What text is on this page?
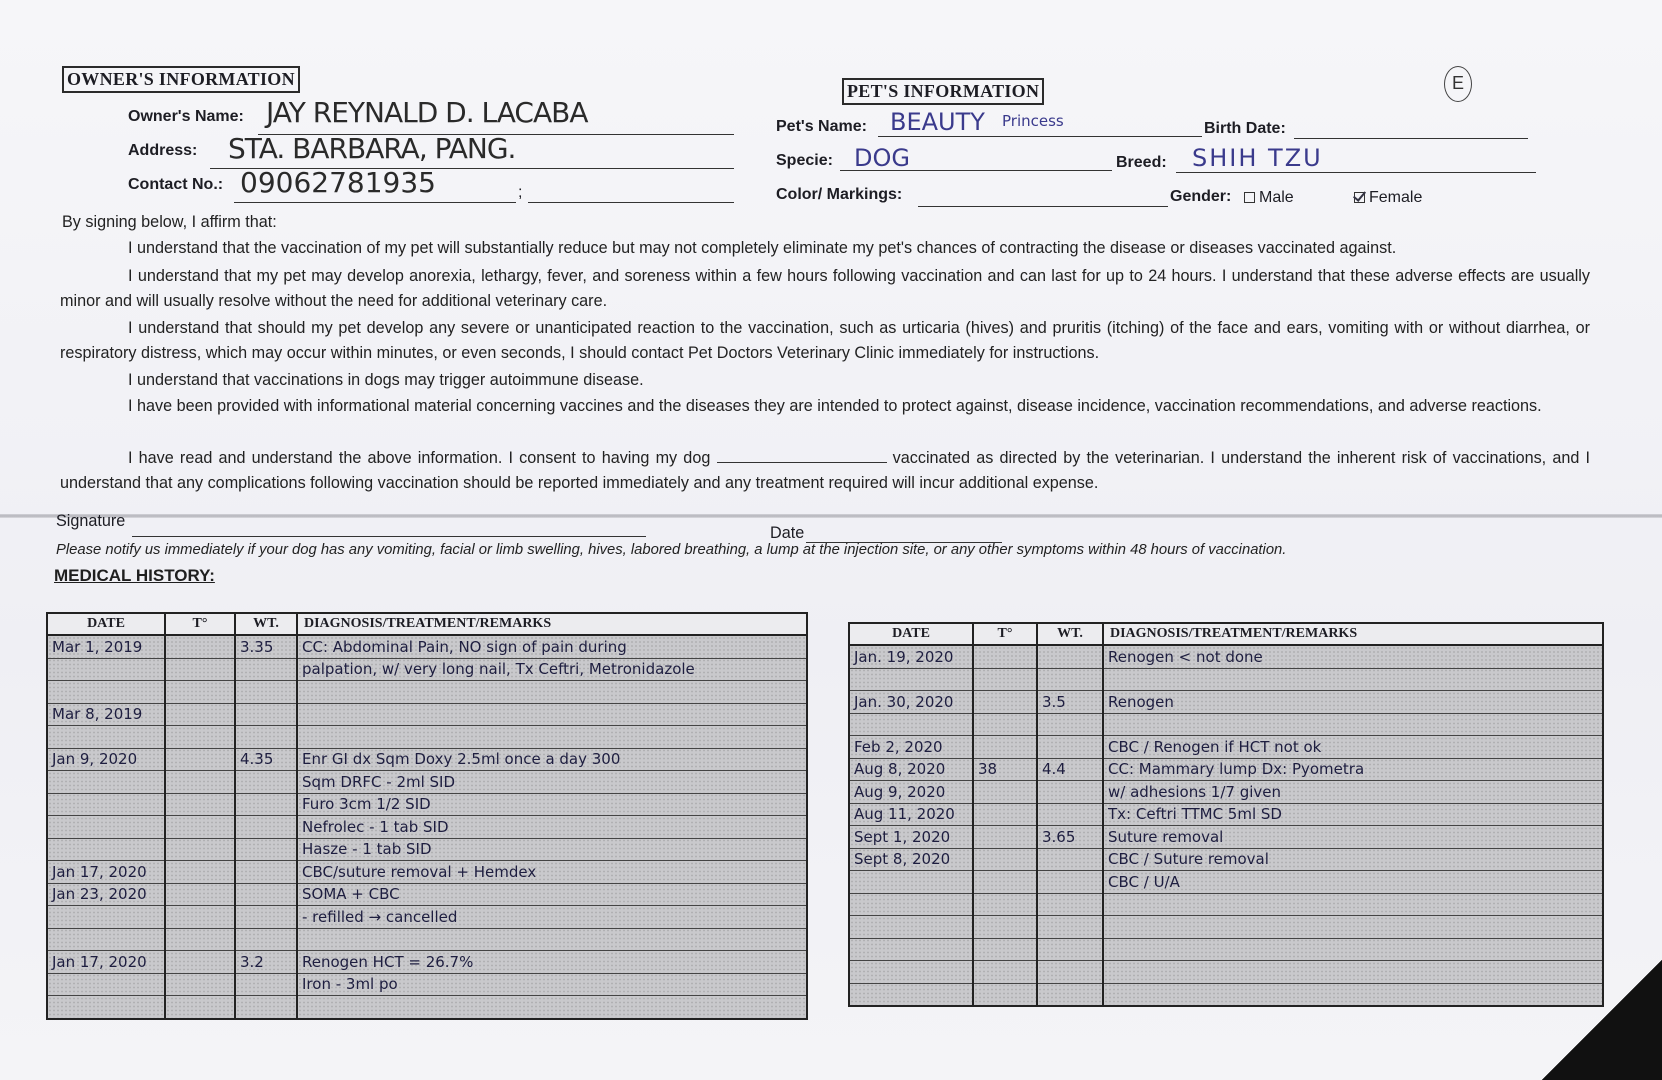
OWNER'S INFORMATION
Owner's Name: JAY REYNALD D. LACABA
Address: STA. BARBARA, PANG.
Contact No.: 09062781935	;
PET'S INFORMATION	E
Pet's Name: BEAUTY Princess	Birth Date:
Specie: DOG	Breed: SHIH TZU
Color/ Markings:	Gender:	Male	Female
By signing below, I affirm that:
I understand that the vaccination of my pet will substantially reduce but may not completely eliminate my pet's chances of contracting the disease or diseases vaccinated against.
I understand that my pet may develop anorexia, lethargy, fever, and soreness within a few hours following vaccination and can last for up to 24 hours. I understand that these adverse effects are usually minor and will usually resolve without the need for additional veterinary care.
I understand that should my pet develop any severe or unanticipated reaction to the vaccination, such as urticaria (hives) and pruritis (itching) of the face and ears, vomiting with or without diarrhea, or respiratory distress, which may occur within minutes, or even seconds, I should contact Pet Doctors Veterinary Clinic immediately for instructions.
I understand that vaccinations in dogs may trigger autoimmune disease.
I have been provided with informational material concerning vaccines and the diseases they are intended to protect against, disease incidence, vaccination recommendations, and adverse reactions.
I have read and understand the above information. I consent to having my dog	vaccinated as directed by the veterinarian. I understand the inherent risk of vaccinations, and I understand that any complications following vaccination should be reported immediately and any treatment required will incur additional expense.
Signature
Date
Please notify us immediately if your dog has any vomiting, facial or limb swelling, hives, labored breathing, a lump at the injection site, or any other symptoms within 48 hours of vaccination.
MEDICAL HISTORY:
DATE	T°	WT.	DIAGNOSIS/TREATMENT/REMARKS
Mar 1, 2019		3.35	CC: Abdominal Pain, NO sign of pain during
			palpation, w/ very long nail, Tx Ceftri, Metronidazole

Mar 8, 2019			

Jan 9, 2020		4.35	Enr GI dx Sqm Doxy 2.5ml once a day 300
			Sqm DRFC - 2ml SID
			Furo 3cm 1/2 SID
			Nefrolec - 1 tab SID
			Hasze - 1 tab SID
Jan 17, 2020			CBC/suture removal + Hemdex
Jan 23, 2020			SOMA + CBC
			- refilled → cancelled

Jan 17, 2020		3.2	Renogen HCT = 26.7%
			Iron - 3ml po

DATE	T°	WT.	DIAGNOSIS/TREATMENT/REMARKS
Jan. 19, 2020			Renogen < not done

Jan. 30, 2020		3.5	Renogen

Feb 2, 2020			CBC / Renogen if HCT not ok
Aug 8, 2020	38	4.4	CC: Mammary lump Dx: Pyometra
Aug 9, 2020			w/ adhesions 1/7 given
Aug 11, 2020			Tx: Ceftri TTMC 5ml SD
Sept 1, 2020		3.65	Suture removal
Sept 8, 2020			CBC / Suture removal
			CBC / U/A
